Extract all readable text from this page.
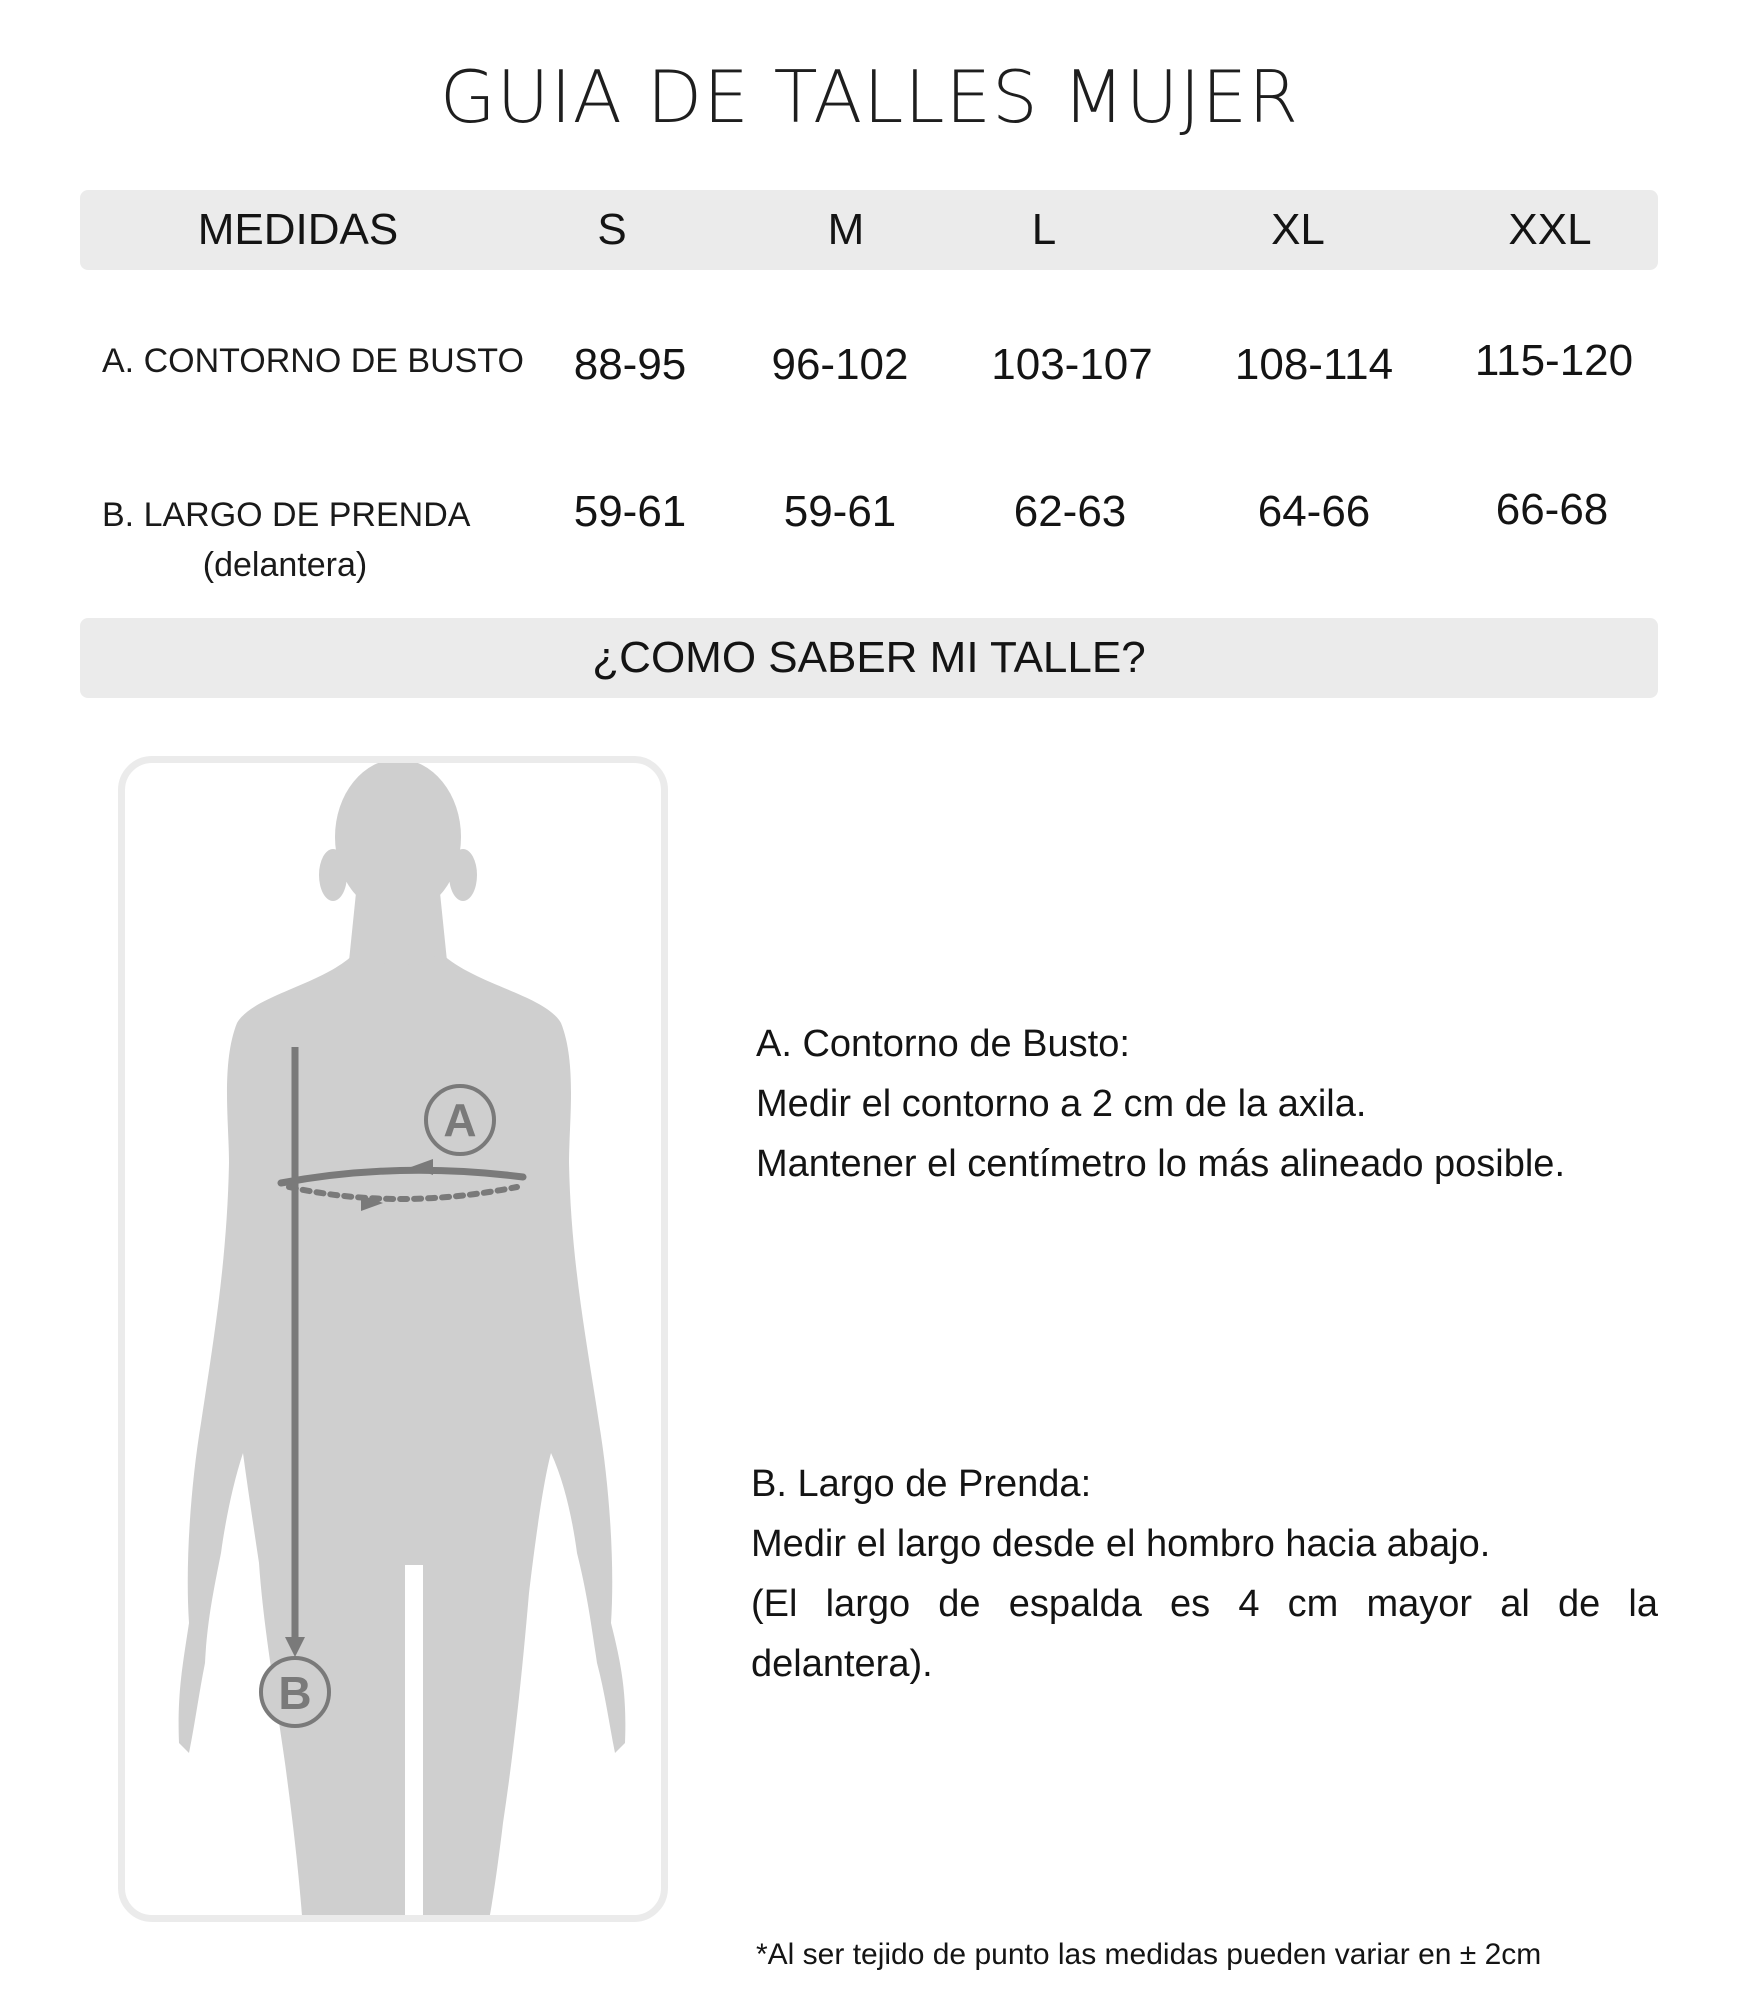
GUIA DE TALLES MUJER
MEDIDAS	S	M	L	XL	XXL
A. CONTORNO DE BUSTO 88-95 96-102 103-107 108-114 115-120
B. LARGO DE PRENDA
(delantera)
59-61 59-61	62-63	64-66	66-68
¿COMO SABER MI TALLE?
A
B
A. Contorno de Busto:
Medir el contorno a 2 cm de la axila.
Mantener el centímetro lo más alineado posible.
B. Largo de Prenda:
Medir el largo desde el hombro hacia abajo.
(El largo de espalda es 4 cm mayor al de la delantera).
*Al ser tejido de punto las medidas pueden variar en ± 2cm
